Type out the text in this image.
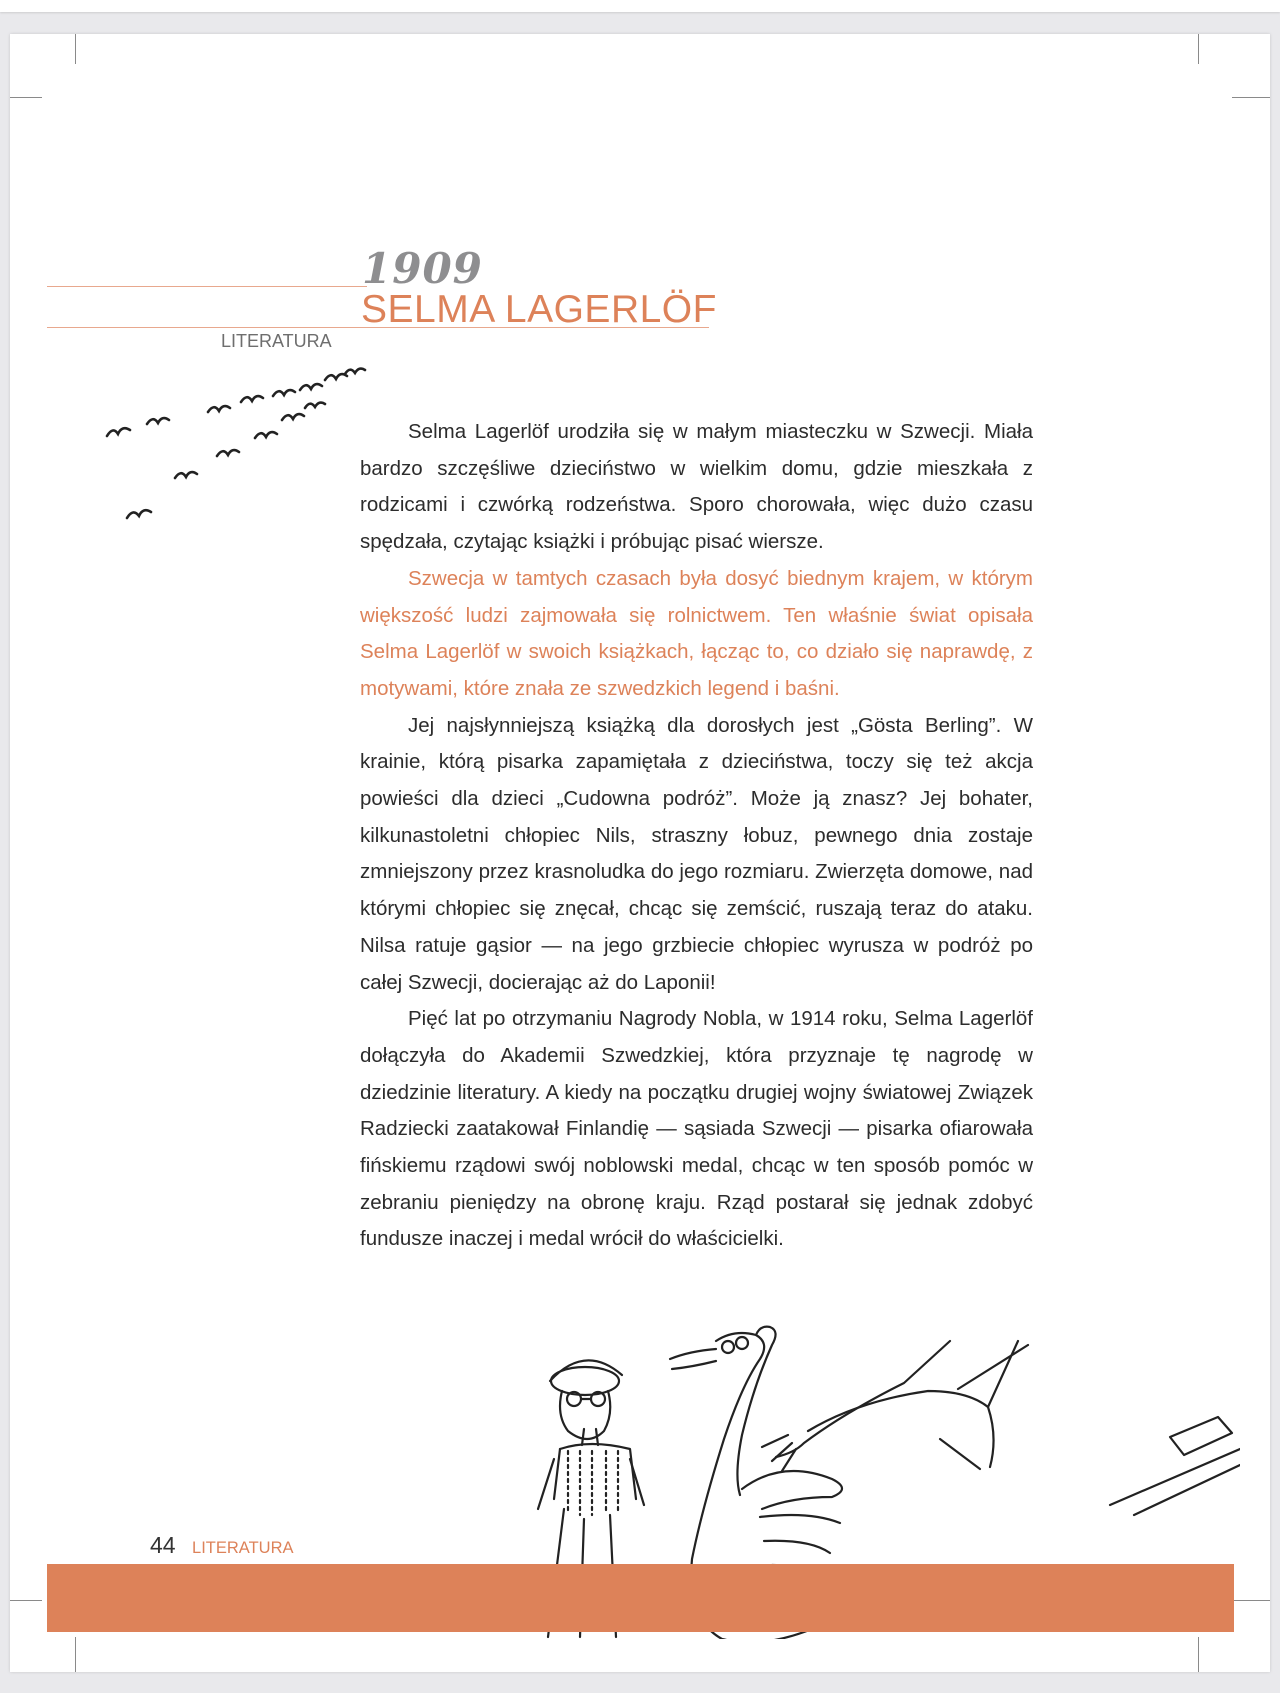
1909
SELMA LAGERLÖF
LITERATURA

Selma Lagerlöf urodziła się w małym miasteczku w Szwecji. Miała bardzo szczęśliwe dzieciństwo w wielkim domu, gdzie mieszkała z rodzicami i czwórką rodzeństwa. Sporo chorowała, więc dużo czasu spędzała, czytając książki i próbując pisać wiersze.

Szwecja w tamtych czasach była dosyć biednym krajem, w którym większość ludzi zajmowała się rolnictwem. Ten właśnie świat opisała Selma Lagerlöf w swoich książkach, łącząc to, co działo się naprawdę, z motywami, które znała ze szwedzkich legend i baśni.

Jej najsłynniejszą książką dla dorosłych jest „Gösta Berling”. W krainie, którą pisarka zapamiętała z dzieciństwa, toczy się też akcja powieści dla dzieci „Cudowna podróż”. Może ją znasz? Jej bohater, kilkunastoletni chłopiec Nils, straszny łobuz, pewnego dnia zostaje zmniejszony przez krasnoludka do jego rozmiaru. Zwierzęta domowe, nad którymi chłopiec się znęcał, chcąc się zemścić, ruszają teraz do ataku. Nilsa ratuje gąsior — na jego grzbiecie chłopiec wyrusza w podróż po całej Szwecji, docierając aż do Laponii!

Pięć lat po otrzymaniu Nagrody Nobla, w 1914 roku, Selma Lagerlöf dołączyła do Akademii Szwedzkiej, która przyznaje tę nagrodę w dziedzinie literatury. A kiedy na początku drugiej wojny światowej Związek Radziecki zaatakował Finlandię — sąsiada Szwecji — pisarka ofiarowała fińskiemu rządowi swój noblowski medal, chcąc w ten sposób pomóc w zebraniu pieniędzy na obronę kraju. Rząd postarał się jednak zdobyć fundusze inaczej i medal wrócił do właścicielki.

44 LITERATURA
